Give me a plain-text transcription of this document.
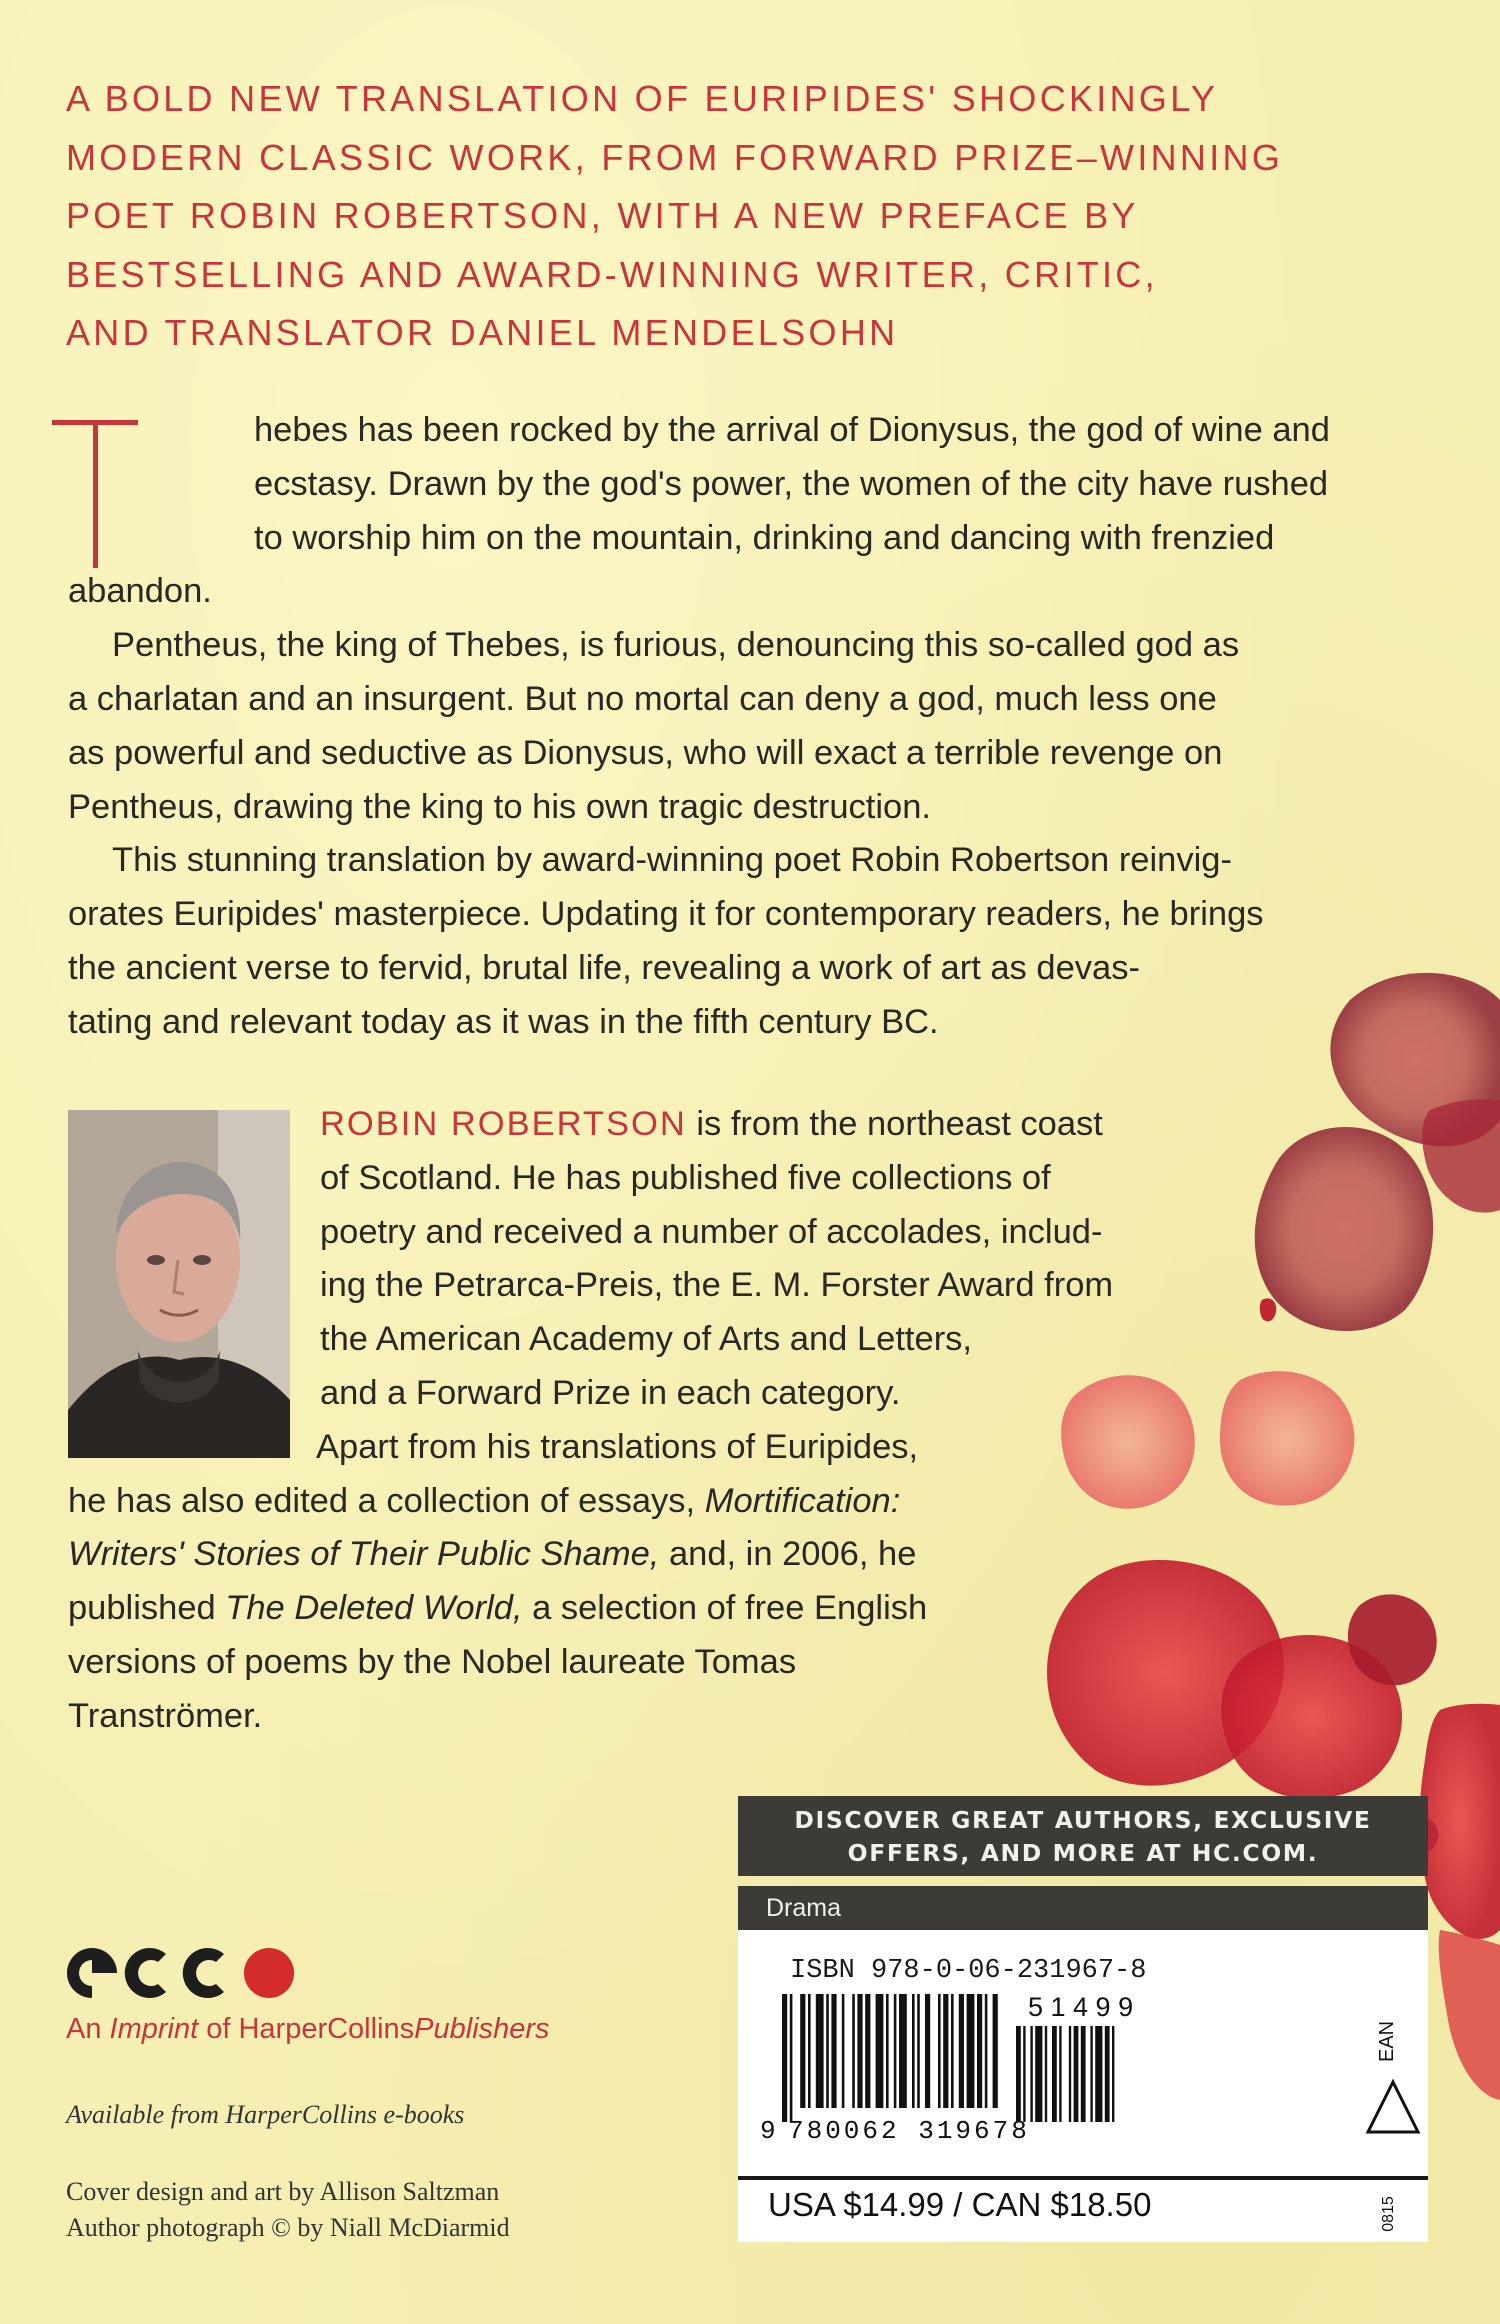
A BOLD NEW TRANSLATION OF EURIPIDES' SHOCKINGLY
MODERN CLASSIC WORK, FROM FORWARD PRIZE–WINNING
POET ROBIN ROBERTSON, WITH A NEW PREFACE BY
BESTSELLING AND AWARD-WINNING WRITER, CRITIC,
AND TRANSLATOR DANIEL MENDELSOHN
T	hebes has been rocked by the arrival of Dionysus, the god of wine and
ecstasy. Drawn by the god's power, the women of the city have rushed
to worship him on the mountain, drinking and dancing with frenzied
abandon.
Pentheus, the king of Thebes, is furious, denouncing this so-called god as
a charlatan and an insurgent. But no mortal can deny a god, much less one
as powerful and seductive as Dionysus, who will exact a terrible revenge on
Pentheus, drawing the king to his own tragic destruction.
This stunning translation by award-winning poet Robin Robertson reinvig-
orates Euripides' masterpiece. Updating it for contemporary readers, he brings
the ancient verse to fervid, brutal life, revealing a work of art as devas-
tating and relevant today as it was in the fifth century BC.
ROBIN ROBERTSON is from the northeast coast
of Scotland. He has published five collections of
poetry and received a number of accolades, includ-
ing the Petrarca-Preis, the E. M. Forster Award from
the American Academy of Arts and Letters,
and a Forward Prize in each category.
Apart from his translations of Euripides,
he has also edited a collection of essays, Mortification:
Writers' Stories of Their Public Shame, and, in 2006, he
published The Deleted World, a selection of free English
versions of poems by the Nobel laureate Tomas
Tranströmer.
An Imprint of HarperCollinsPublishers
Available from HarperCollins e-books
Cover design and art by Allison Saltzman
Author photograph © by Niall McDiarmid
DISCOVER GREAT AUTHORS, EXCLUSIVE
OFFERS, AND MORE AT HC.COM.
Drama
ISBN 978-0-06-231967-8
9 780062 319678
5 1 4 9 9
EAN
USA $14.99 / CAN $18.50	0815
